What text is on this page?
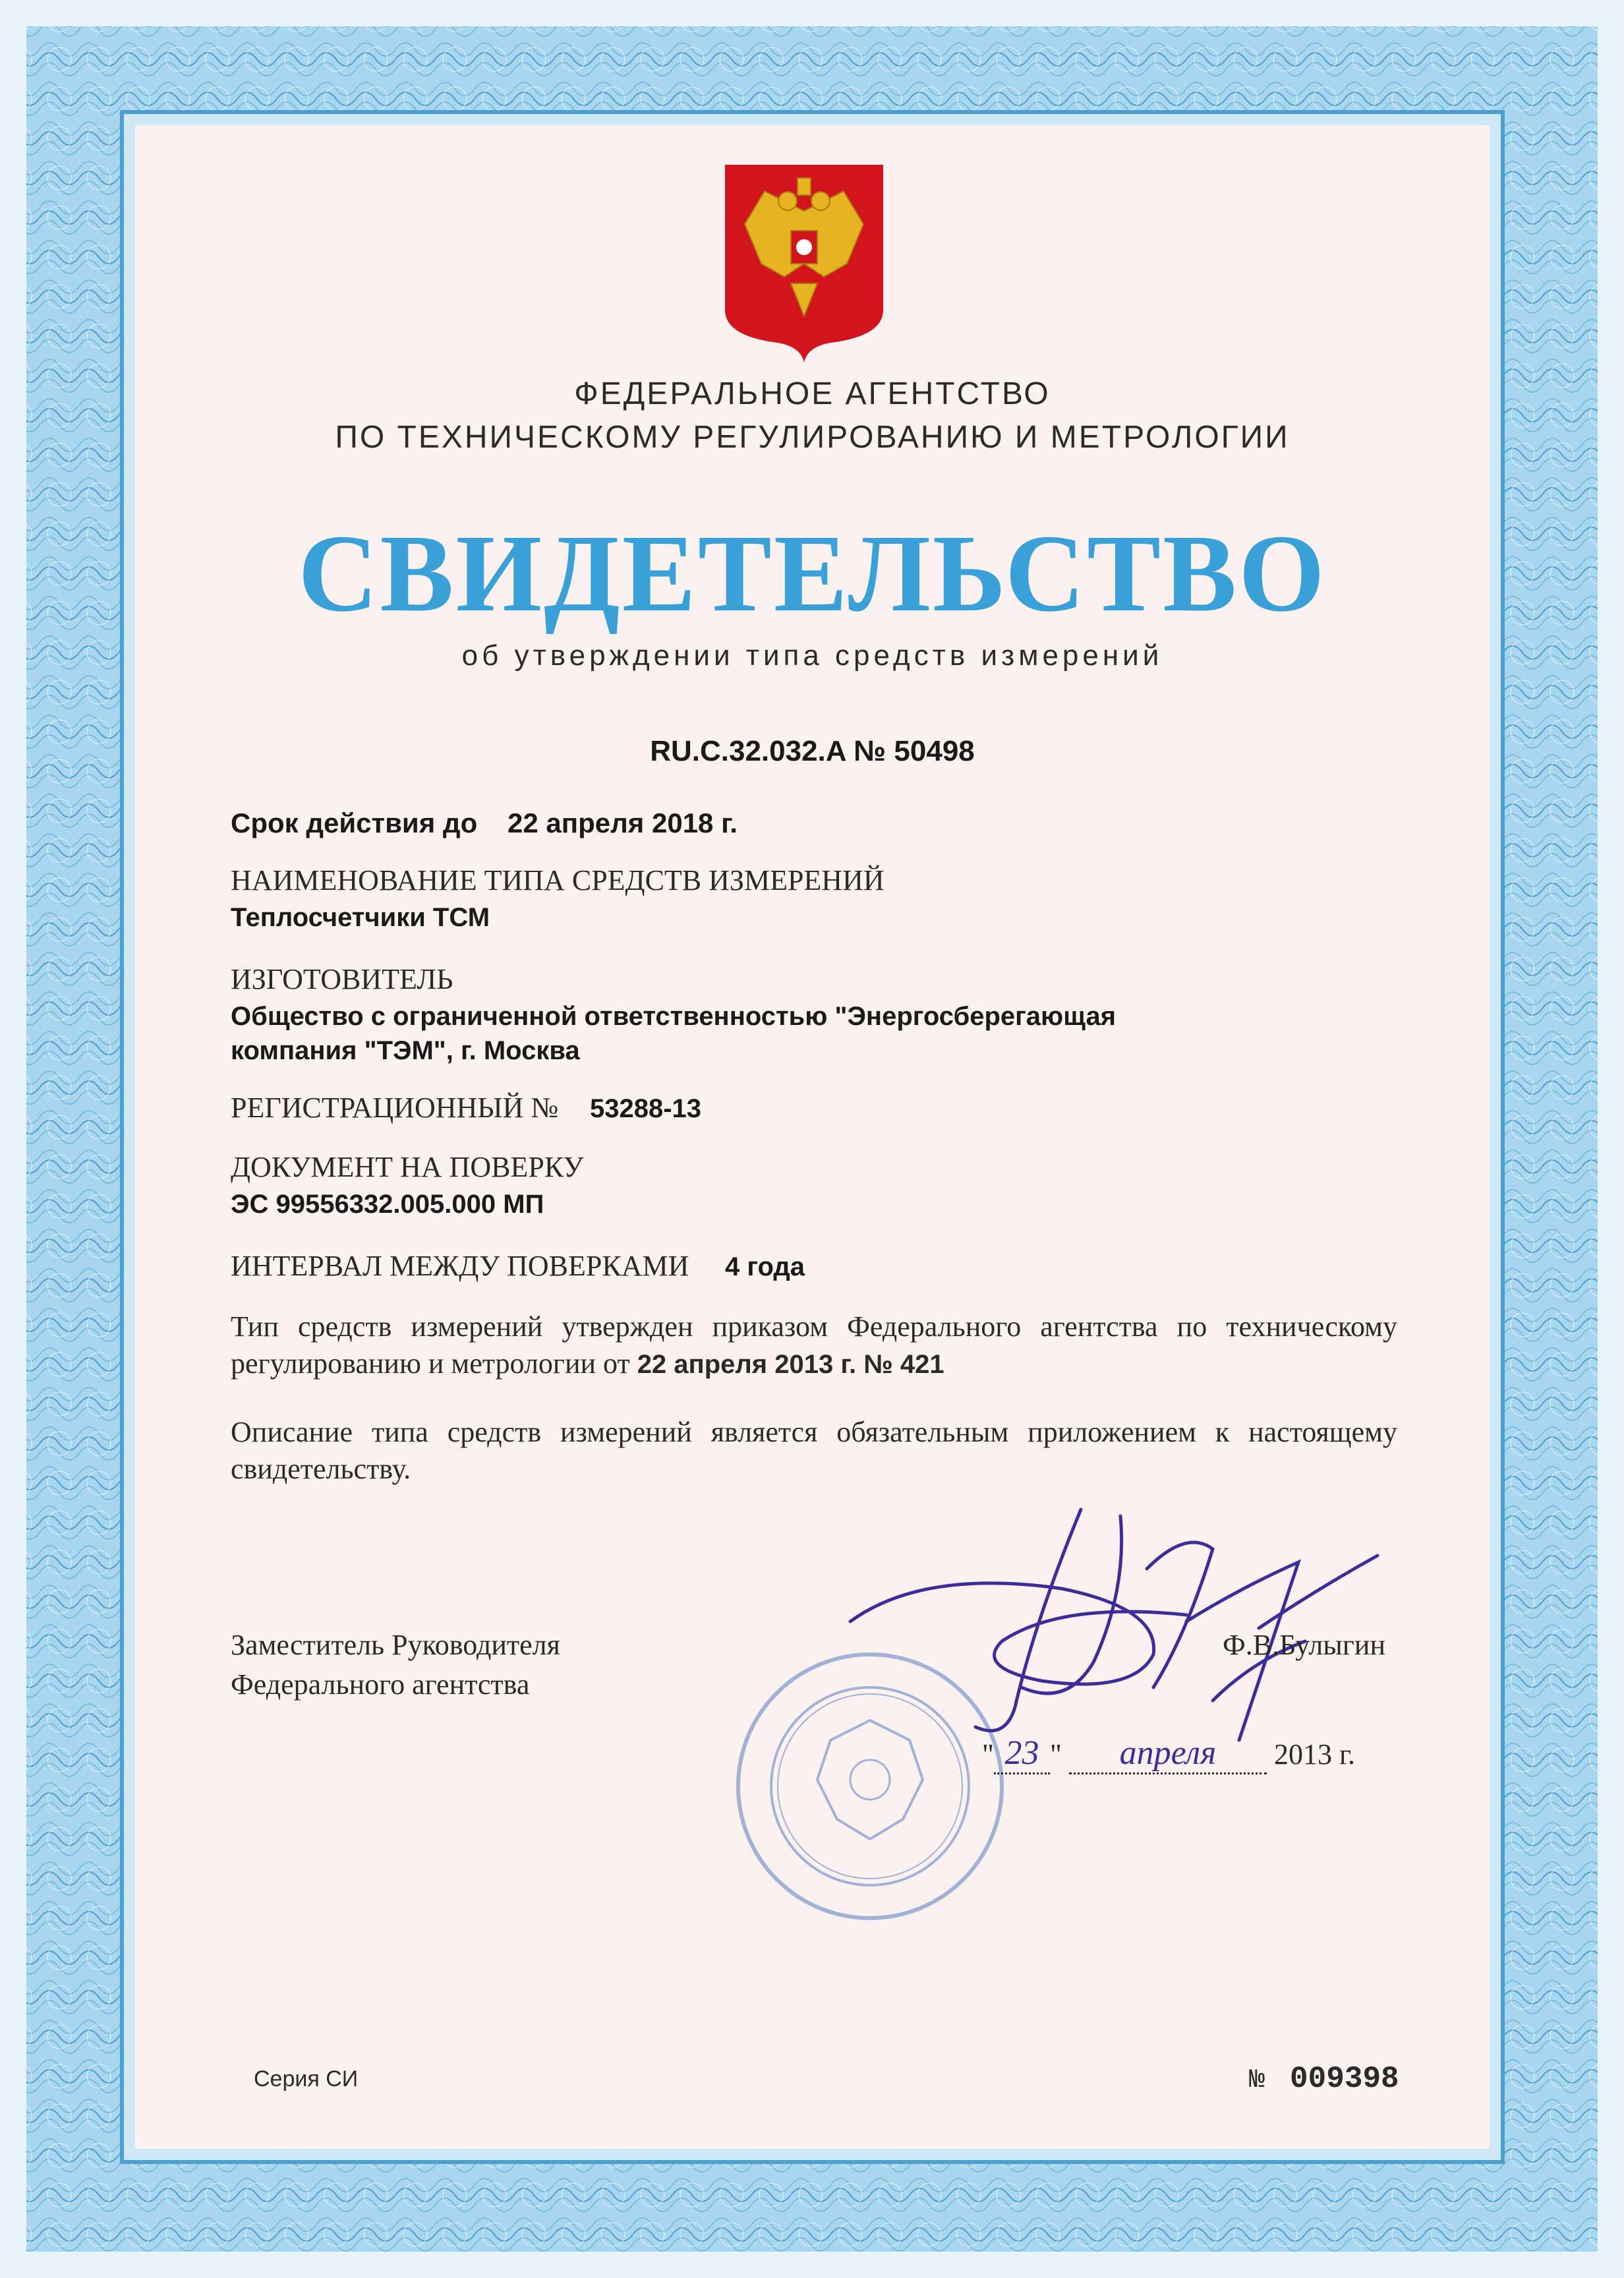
ФЕДЕРАЛЬНОЕ АГЕНТСТВО
ПО ТЕХНИЧЕСКОМУ РЕГУЛИРОВАНИЮ И МЕТРОЛОГИИ
СВИДЕТЕЛЬСТВО
об утверждении типа средств измерений
RU.C.32.032.A № 50498
Срок действия до 22 апреля 2018 г.
НАИМЕНОВАНИЕ ТИПА СРЕДСТВ ИЗМЕРЕНИЙ
Теплосчетчики ТСМ
ИЗГОТОВИТЕЛЬ
Общество с ограниченной ответственностью "Энергосберегающая
компания "ТЭМ", г. Москва
РЕГИСТРАЦИОННЫЙ № 53288-13
ДОКУМЕНТ НА ПОВЕРКУ
ЭС 99556332.005.000 МП
ИНТЕРВАЛ МЕЖДУ ПОВЕРКАМИ 4 года
Тип средств измерений утвержден приказом Федерального агентства по техническому регулированию и метрологии от 22 апреля 2013 г. № 421
Описание типа средств измерений является обязательным приложением к настоящему свидетельству.
Заместитель Руководителя
Федерального агентства
Ф.В.Булыгин
" 23 " апреля 2013 г.
Серия СИ	№ 009398
